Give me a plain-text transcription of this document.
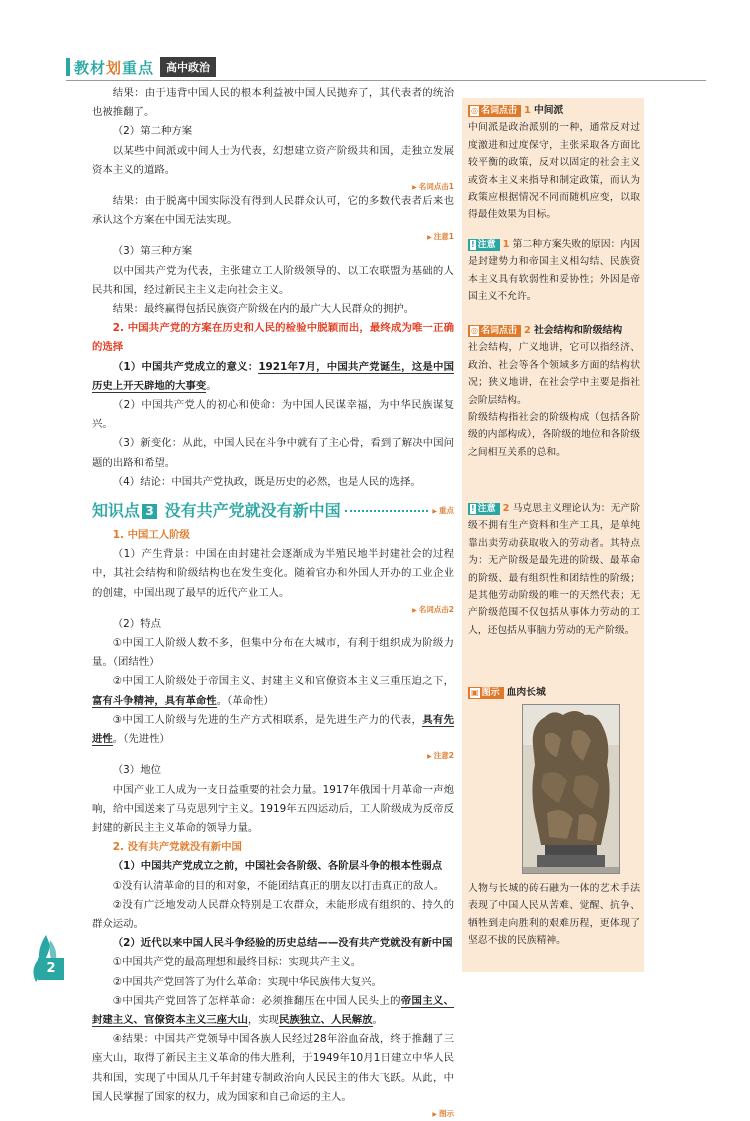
教材划重点	高中政治

结果：由于违背中国人民的根本利益被中国人民抛弃了，其代表者的统治也被推翻了。

（2）第二种方案

以某些中间派或中间人士为代表，幻想建立资产阶级共和国，走独立发展资本主义的道路。

▶ 名词点击1

结果：由于脱离中国实际没有得到人民群众认可，它的多数代表者后来也承认这个方案在中国无法实现。

▶ 注意1

（3）第三种方案

以中国共产党为代表，主张建立工人阶级领导的、以工农联盟为基础的人民共和国，经过新民主主义走向社会主义。

结果：最终赢得包括民族资产阶级在内的最广大人民群众的拥护。

2. 中国共产党的方案在历史和人民的检验中脱颖而出，最终成为唯一正确的选择

（1）中国共产党成立的意义：1921年7月，中国共产党诞生，这是中国历史上开天辟地的大事变。

（2）中国共产党人的初心和使命：为中国人民谋幸福，为中华民族谋复兴。

（3）新变化：从此，中国人民在斗争中就有了主心骨，看到了解决中国问题的出路和希望。

（4）结论：中国共产党执政，既是历史的必然，也是人民的选择。

知识点 3 没有共产党就没有新中国
▶	重点

1. 中国工人阶级

（1）产生背景：中国在由封建社会逐渐成为半殖民地半封建社会的过程中，其社会结构和阶级结构也在发生变化。随着官办和外国人开办的工业企业的创建，中国出现了最早的近代产业工人。

▶ 名词点击2

（2）特点

①中国工人阶级人数不多，但集中分布在大城市，有利于组织成为阶级力量。（团结性）

②中国工人阶级处于帝国主义、封建主义和官僚资本主义三重压迫之下，富有斗争精神，具有革命性。（革命性）

③中国工人阶级与先进的生产方式相联系，是先进生产力的代表，具有先进性。（先进性）

▶ 注意2

（3）地位

中国产业工人成为一支日益重要的社会力量。1917年俄国十月革命一声炮响，给中国送来了马克思列宁主义。1919年五四运动后，工人阶级成为反帝反封建的新民主主义革命的领导力量。

2. 没有共产党就没有新中国

（1）中国共产党成立之前，中国社会各阶级、各阶层斗争的根本性弱点

①没有认清革命的目的和对象，不能团结真正的朋友以打击真正的敌人。

②没有广泛地发动人民群众特别是工农群众，未能形成有组织的、持久的群众运动。

（2）近代以来中国人民斗争经验的历史总结——没有共产党就没有新中国

①中国共产党的最高理想和最终目标：实现共产主义。

②中国共产党回答了为什么革命：实现中华民族伟大复兴。

③中国共产党回答了怎样革命：必须推翻压在中国人民头上的帝国主义、封建主义、官僚资本主义三座大山，实现民族独立、人民解放。

④结果：中国共产党领导中国各族人民经过28年浴血奋战，终于推翻了三座大山，取得了新民主主义革命的伟大胜利，于1949年10月1日建立中华人民共和国，实现了中国从几千年封建专制政治向人民民主的伟大飞跃。从此，中国人民掌握了国家的权力，成为国家和自己命运的主人。

▶ 图示

◎ 名词点击 1 中间派

中间派是政治派别的一种，通常反对过度激进和过度保守，主张采取各方面比较平衡的政策，反对以固定的社会主义或资本主义来指导和制定政策，而认为政策应根据情况不同而随机应变，以取得最佳效果为目标。

! 注意 1 第二种方案失败的原因：内因是封建势力和帝国主义相勾结、民族资本主义具有软弱性和妥协性；外因是帝国主义不允许。

◎ 名词点击 2 社会结构和阶级结构

社会结构，广义地讲，它可以指经济、政治、社会等各个领域多方面的结构状况；狭义地讲，在社会学中主要是指社会阶层结构。

阶级结构指社会的阶级构成（包括各阶级的内部构成），各阶级的地位和各阶级之间相互关系的总和。

! 注意 2 马克思主义理论认为：无产阶级不拥有生产资料和生产工具，是单纯靠出卖劳动获取收入的劳动者。其特点为：无产阶级是最先进的阶级、最革命的阶级、最有组织性和团结性的阶级；是其他劳动阶级的唯一的天然代表；无产阶级范围不仅包括从事体力劳动的工人，还包括从事脑力劳动的无产阶级。

▣ 图示 血肉长城

人物与长城的砖石融为一体的艺术手法表现了中国人民从苦难、觉醒、抗争、牺牲到走向胜利的艰难历程，更体现了坚忍不拔的民族精神。

2
